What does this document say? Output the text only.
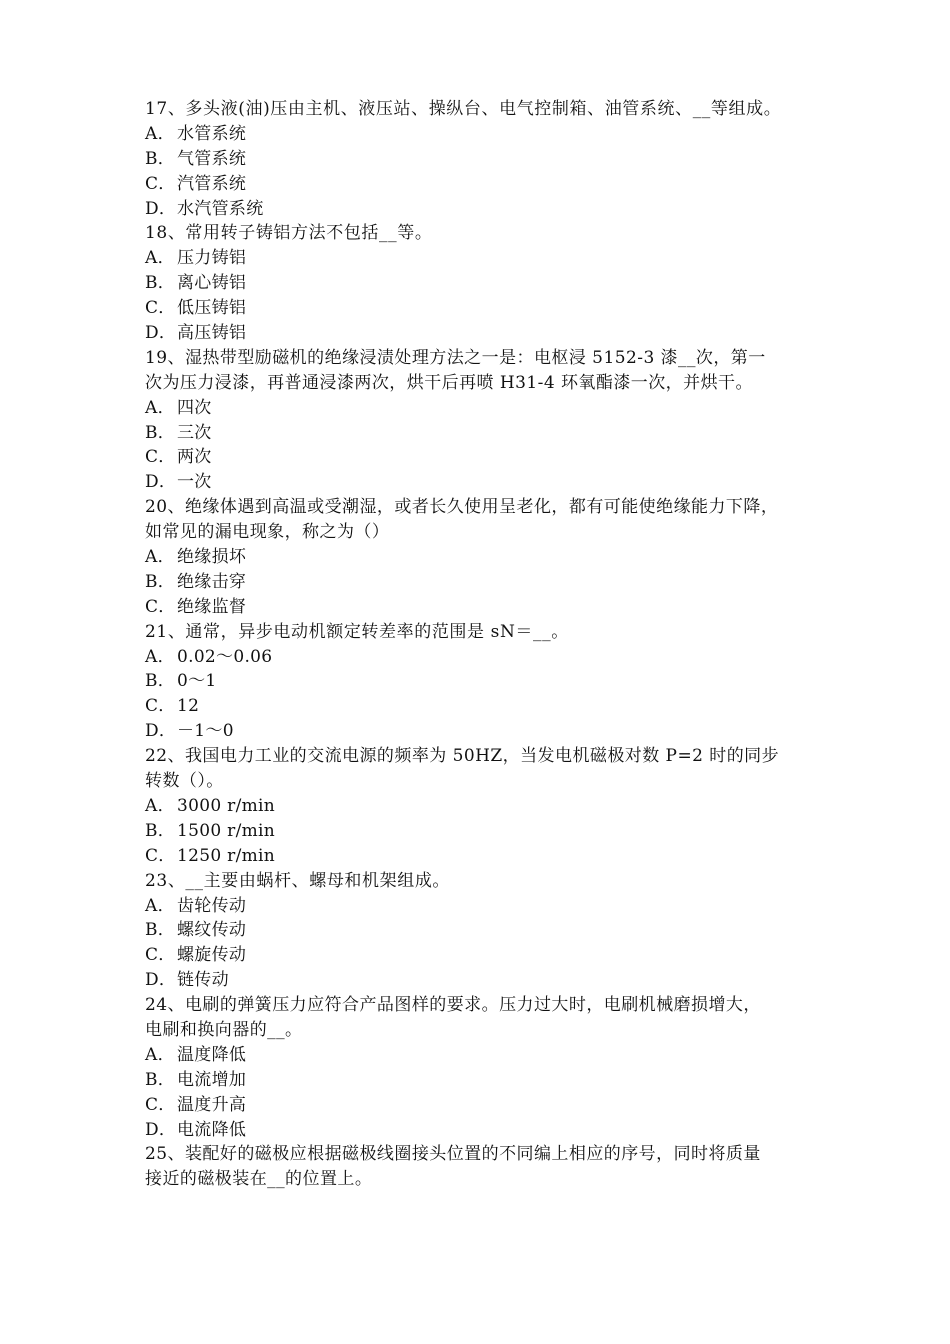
17、多头液(油)压由主机、液压站、操纵台、电气控制箱、油管系统、__等组成。
A． 水管系统
B． 气管系统
C．汽管系统
D．水汽管系统
18、常用转子铸铝方法不包括__等。
A． 压力铸铝
B． 离心铸铝
C．低压铸铝
D．高压铸铝
19、湿热带型励磁机的绝缘浸渍处理方法之一是：电枢浸 5152-3 漆__次，第一
次为压力浸漆，再普通浸漆两次，烘干后再喷 H31-4 环氧酯漆一次，并烘干。
A． 四次
B． 三次
C．两次
D．一次
20、绝缘体遇到高温或受潮湿，或者长久使用呈老化，都有可能使绝缘能力下降，
如常见的漏电现象，称之为（）
A． 绝缘损坏
B． 绝缘击穿
C．绝缘监督
21、通常，异步电动机额定转差率的范围是 sN＝__。
A． 0.02～0.06
B． 0～1
C．12
D．－1～0
22、我国电力工业的交流电源的频率为 50HZ，当发电机磁极对数 P=2 时的同步
转数（）。
A． 3000 r/min
B． 1500 r/min
C．1250 r/min
23、__主要由蜗杆、螺母和机架组成。
A． 齿轮传动
B． 螺纹传动
C．螺旋传动
D．链传动
24、电刷的弹簧压力应符合产品图样的要求。压力过大时，电刷机械磨损增大，
电刷和换向器的__。
A． 温度降低
B． 电流增加
C．温度升高
D．电流降低
25、装配好的磁极应根据磁极线圈接头位置的不同编上相应的序号，同时将质量
接近的磁极装在__的位置上。
